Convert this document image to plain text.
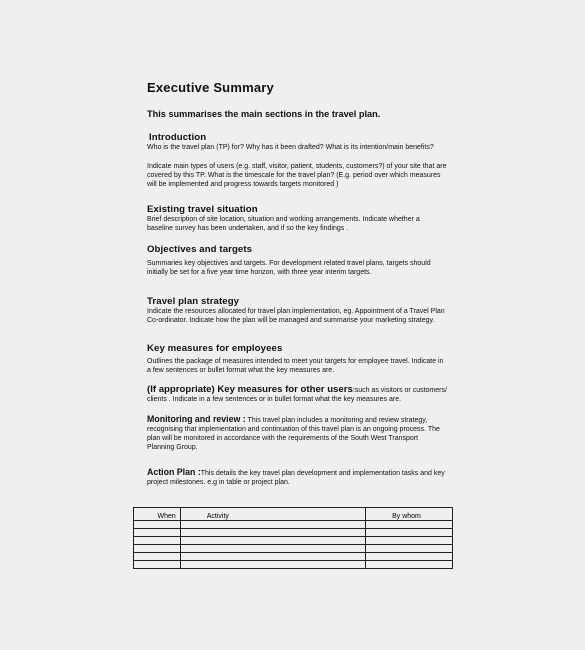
Executive Summary
This summarises the main sections in the travel plan.
Introduction

Who is the travel plan (TP) for? Why has it been drafted? What is its intention/main benefits?

Indicate main types of users (e.g. staff, visitor, patient, students, customers?) of your site that are covered by this TP. What is the timescale for the travel plan? (E.g. period over which measures will be implemented and progress towards targets monitored )

Existing travel situation

Brief description of site location, situation and working arrangements. Indicate whether a baseline survey has been undertaken, and if so the key findings .

Objectives and targets

Summaries key objectives and targets. For development related travel plans, targets should initially be set for a five year time horizon, with three year interim targets.

Travel plan strategy

Indicate the resources allocated for travel plan implementation, eg. Appointment of a Travel Plan Co-ordinator. Indicate how the plan will be managed and summarise your marketing strategy.

Key measures for employees

Outlines the package of measures intended to meet your targets for employee travel. Indicate in a few sentences or bullet format what the key measures are.

(If appropriate) Key measures for other users:such as visitors or customers/ clients . Indicate in a few sentences or in bullet format what the key measures are.
Monitoring and review : This travel plan includes a monitoring and review strategy, recognising that implementation and continuation of this travel plan is an ongoing process. The plan will be monitored in accordance with the requirements of the South West Transport Planning Group.
Action Plan :This details the key travel plan development and implementation tasks and key project milestones. e.g in table or project plan.
When	Activity	By whom
